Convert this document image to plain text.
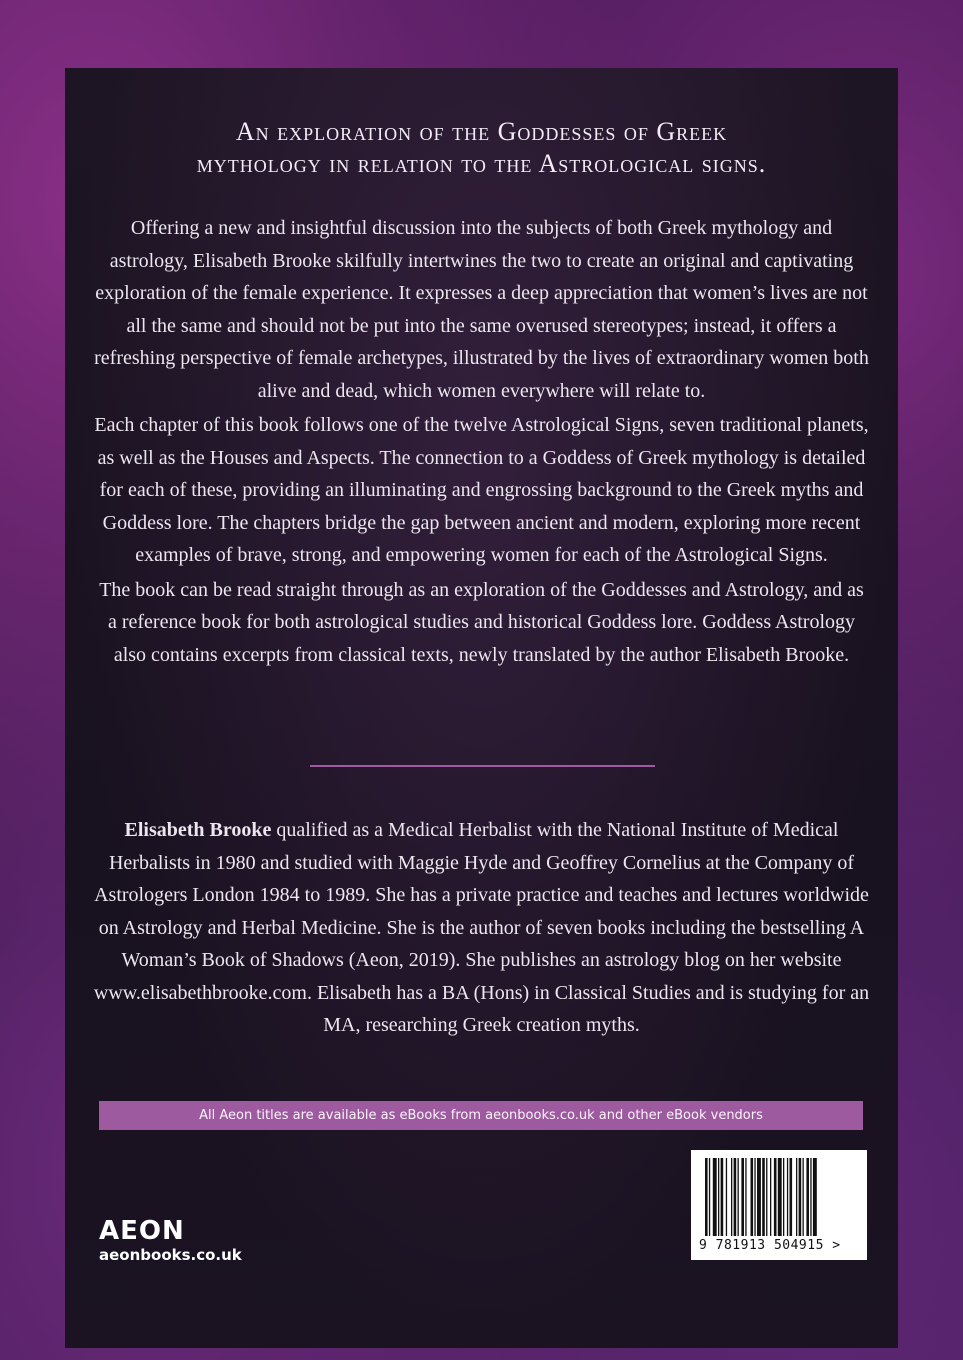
An exploration of the Goddesses of Greek
mythology in relation to the Astrological signs.

Offering a new and insightful discussion into the subjects of both Greek mythology and astrology, Elisabeth Brooke skilfully intertwines the two to create an original and captivating exploration of the female experience. It expresses a deep appreciation that women’s lives are not all the same and should not be put into the same overused stereotypes; instead, it offers a refreshing perspective of female archetypes, illustrated by the lives of extraordinary women both alive and dead, which women everywhere will relate to.

Each chapter of this book follows one of the twelve Astrological Signs, seven traditional planets, as well as the Houses and Aspects. The connection to a Goddess of Greek mythology is detailed for each of these, providing an illuminating and engrossing background to the Greek myths and Goddess lore. The chapters bridge the gap between ancient and modern, exploring more recent examples of brave, strong, and empowering women for each of the Astrological Signs.

The book can be read straight through as an exploration of the Goddesses and Astrology, and as a reference book for both astrological studies and historical Goddess lore. Goddess Astrology also contains excerpts from classical texts, newly translated by the author Elisabeth Brooke.

Elisabeth Brooke qualified as a Medical Herbalist with the National Institute of Medical Herbalists in 1980 and studied with Maggie Hyde and Geoffrey Cornelius at the Company of Astrologers London 1984 to 1989. She has a private practice and teaches and lectures worldwide on Astrology and Herbal Medicine. She is the author of seven books including the bestselling A Woman’s Book of Shadows (Aeon, 2019). She publishes an astrology blog on her website www.elisabethbrooke.com. Elisabeth has a BA (Hons) in Classical Studies and is studying for an MA, researching Greek creation myths.
All Aeon titles are available as eBooks from aeonbooks.co.uk and other eBook vendors
AEON
aeonbooks.co.uk
9 781913 504915 >
